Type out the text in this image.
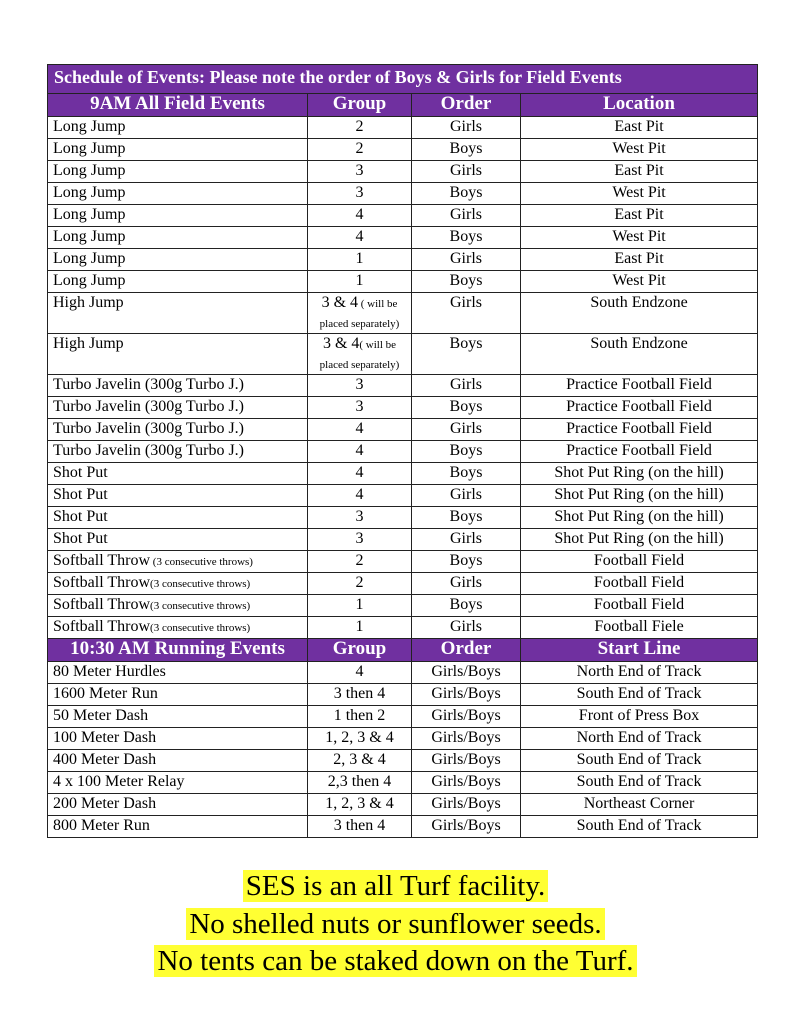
Schedule of Events: Please note the order of Boys & Girls for Field Events			
9AM All Field Events	Group	Order	Location
Long Jump	2	Girls	East Pit
Long Jump	2	Boys	West Pit
Long Jump	3	Girls	East Pit
Long Jump	3	Boys	West Pit
Long Jump	4	Girls	East Pit
Long Jump	4	Boys	West Pit
Long Jump	1	Girls	East Pit
Long Jump	1	Boys	West Pit
High Jump	3 & 4 ( will be placed separately)	Girls	South Endzone
High Jump	3 & 4( will be placed separately)	Boys	South Endzone
Turbo Javelin (300g Turbo J.)	3	Girls	Practice Football Field
Turbo Javelin (300g Turbo J.)	3	Boys	Practice Football Field
Turbo Javelin (300g Turbo J.)	4	Girls	Practice Football Field
Turbo Javelin (300g Turbo J.)	4	Boys	Practice Football Field
Shot Put	4	Boys	Shot Put Ring (on the hill)
Shot Put	4	Girls	Shot Put Ring (on the hill)
Shot Put	3	Boys	Shot Put Ring (on the hill)
Shot Put	3	Girls	Shot Put Ring (on the hill)
Softball Throw (3 consecutive throws)	2	Boys	Football Field
Softball Throw(3 consecutive throws)	2	Girls	Football Field
Softball Throw(3 consecutive throws)	1	Boys	Football Field
Softball Throw(3 consecutive throws)	1	Girls	Football Fiele
10:30 AM Running Events	Group	Order	Start Line
80 Meter Hurdles	4	Girls/Boys	North End of Track
1600 Meter Run	3 then 4	Girls/Boys	South End of Track
50 Meter Dash	1 then 2	Girls/Boys	Front of Press Box
100 Meter Dash	1, 2, 3 & 4	Girls/Boys	North End of Track
400 Meter Dash	2, 3 & 4	Girls/Boys	South End of Track
4 x 100 Meter Relay	2,3 then 4	Girls/Boys	South End of Track
200 Meter Dash	1, 2, 3 & 4	Girls/Boys	Northeast Corner
800 Meter Run	3 then 4	Girls/Boys	South End of Track
SES is an all Turf facility.
No shelled nuts or sunflower seeds.
No tents can be staked down on the Turf.
